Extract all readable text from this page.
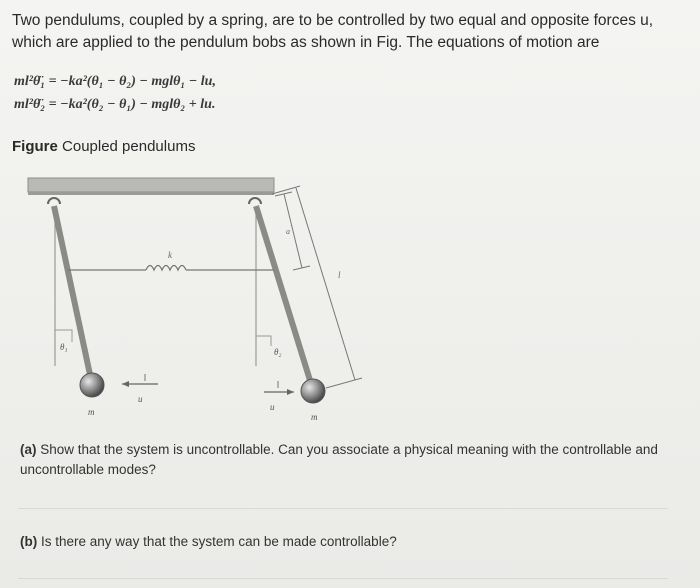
Two pendulums, coupled by a spring, are to be controlled by two equal and opposite forces u, which are applied to the pendulum bobs as shown in Fig. The equations of motion are
ml²θ̈₁ = −ka²(θ₁ − θ₂) − mglθ₁ − lu,
ml²θ̈₂ = −ka²(θ₂ − θ₁) − mglθ₂ + lu.
Figure Coupled pendulums
k
θ₁	θ₂
u
u
m	m
a
l
(a) Show that the system is uncontrollable. Can you associate a physical meaning with the controllable and uncontrollable modes?
(b) Is there any way that the system can be made controllable?
